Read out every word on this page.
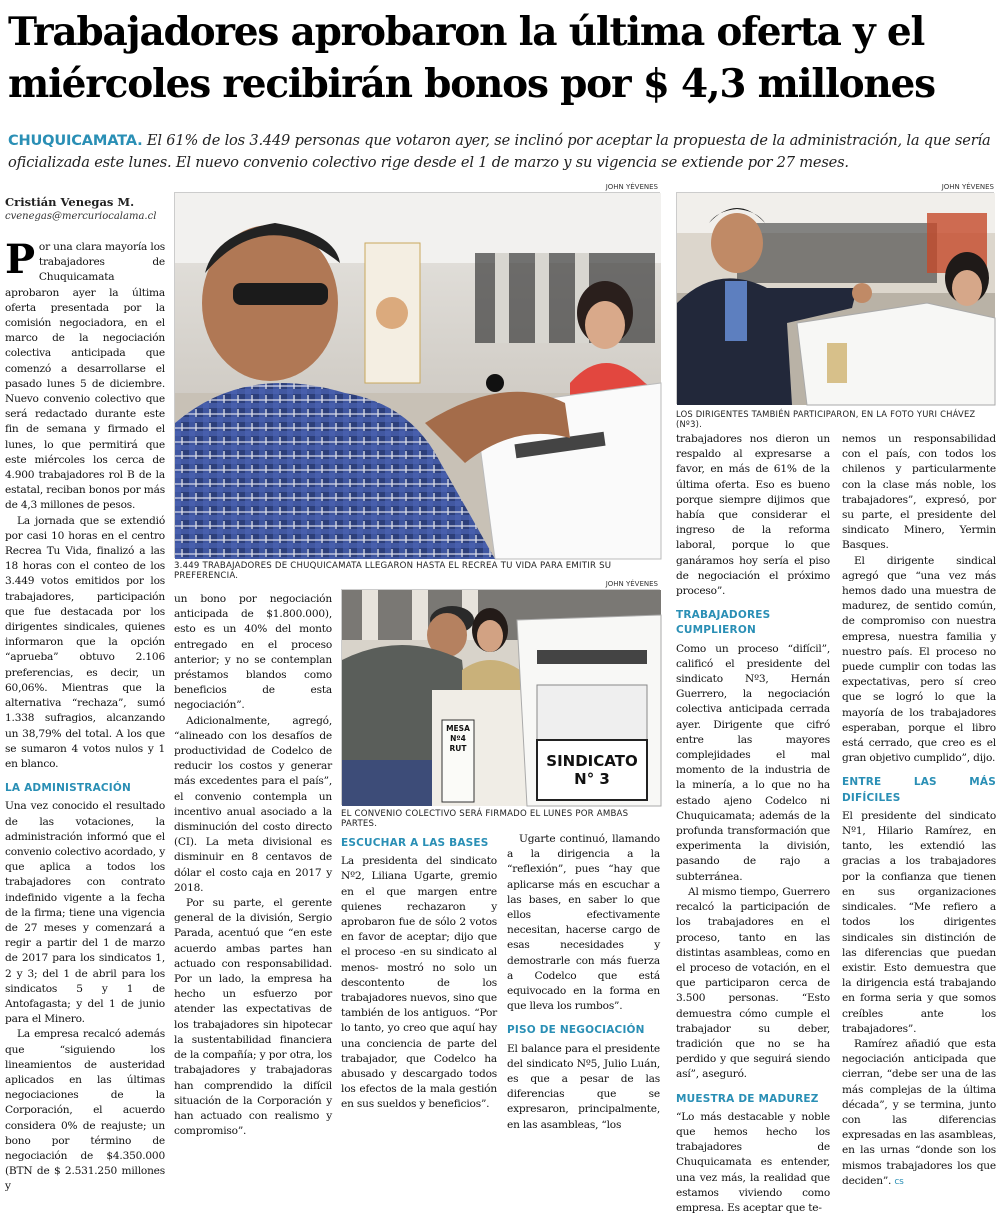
Trabajadores aprobaron la última oferta y el miércoles recibirán bonos por $ 4,3 millones
CHUQUICAMATA. El 61% de los 3.449 personas que votaron ayer, se inclinó por aceptar la propuesta de la administración, la que sería oficializada este lunes. El nuevo convenio colectivo rige desde el 1 de marzo y su vigencia se extiende por 27 meses.
Cristián Venegas M.
cvenegas@mercuriocalama.cl
JOHN YÉVENES
3.449 TRABAJADORES DE CHUQUICAMATA LLEGARON HASTA EL RECREA TU VIDA PARA EMITIR SU PREFERENCIA.
JOHN YÉVENES
LOS DIRIGENTES TAMBIÉN PARTICIPARON, EN LA FOTO YURI CHÁVEZ (Nº3).
JOHN YÉVENES
MESA Nº4
RUT
SINDICATO
N° 3
EL CONVENIO COLECTIVO SERÁ FIRMADO EL LUNES POR AMBAS PARTES.

Por una clara mayoría los trabajadores de Chuquicamata aprobaron ayer la última oferta presentada por la comisión negociadora, en el marco de la negociación colectiva anticipada que comenzó a desarrollarse el pasado lunes 5 de diciembre. Nuevo convenio colectivo que será redactado durante este fin de semana y firmado el lunes, lo que permitirá que este miércoles los cerca de 4.900 trabajadores rol B de la estatal, reciban bonos por más de 4,3 millones de pesos.

La jornada que se extendió por casi 10 horas en el centro Recrea Tu Vida, finalizó a las 18 horas con el conteo de los 3.449 votos emitidos por los trabajadores, participación que fue destacada por los dirigentes sindicales, quienes informaron que la opción “aprueba” obtuvo 2.106 preferencias, es decir, un 60,06%. Mientras que la alternativa “rechaza”, sumó 1.338 sufragios, alcanzando un 38,79% del total. A los que se sumaron 4 votos nulos y 1 en blanco.

LA ADMINISTRACIÓN

Una vez conocido el resultado de las votaciones, la administración informó que el convenio colectivo acordado, y que aplica a todos los trabajadores con contrato indefinido vigente a la fecha de la firma; tiene una vigencia de 27 meses y comenzará a regir a partir del 1 de marzo de 2017 para los sindicatos 1, 2 y 3; del 1 de abril para los sindicatos 5 y 1 de Antofagasta; y del 1 de junio para el Minero.

La empresa recalcó además que “siguiendo los lineamientos de austeridad aplicados en las últimas negociaciones de la Corporación, el acuerdo considera 0% de reajuste; un bono por término de negociación de $4.350.000 (BTN de $ 2.531.250 millones y

un bono por negociación anticipada de $1.800.000), esto es un 40% del monto entregado en el proceso anterior; y no se contemplan préstamos blandos como beneficios de esta negociación”.

Adicionalmente, agregó, “alineado con los desafíos de productividad de Codelco de reducir los costos y generar más excedentes para el país”, el convenio contempla un incentivo anual asociado a la disminución del costo directo (CI). La meta divisional es disminuir en 8 centavos de dólar el costo caja en 2017 y 2018.

Por su parte, el gerente general de la división, Sergio Parada, acentuó que “en este acuerdo ambas partes han actuado con responsabilidad. Por un lado, la empresa ha hecho un esfuerzo por atender las expectativas de los trabajadores sin hipotecar la sustentabilidad financiera de la compañía; y por otra, los trabajadores y trabajadoras han comprendido la difícil situación de la Corporación y han actuado con realismo y compromiso”.

ESCUCHAR A LAS BASES

La presidenta del sindicato Nº2, Liliana Ugarte, gremio en el que margen entre quienes rechazaron y aprobaron fue de sólo 2 votos en favor de aceptar; dijo que el proceso -en su sindicato al menos- mostró no solo un descontento de los trabajadores nuevos, sino que también de los antiguos. “Por lo tanto, yo creo que aquí hay una conciencia de parte del trabajador, que Codelco ha abusado y descargado todos los efectos de la mala gestión en sus sueldos y beneficios”.

Ugarte continuó, llamando a la dirigencia a la “reflexión”, pues “hay que aplicarse más en escuchar a las bases, en saber lo que ellos efectivamente necesitan, hacerse cargo de esas necesidades y demostrarle con más fuerza a Codelco que está equivocado en la forma en que lleva los rumbos”.

PISO DE NEGOCIACIÓN

El balance para el presidente del sindicato Nº5, Julio Luán, es que a pesar de las diferencias que se expresaron, principalmente, en las asambleas, “los

trabajadores nos dieron un respaldo al expresarse a favor, en más de 61% de la última oferta. Eso es bueno porque siempre dijimos que había que considerar el ingreso de la reforma laboral, porque lo que ganáramos hoy sería el piso de negociación el próximo proceso”.

TRABAJADORES CUMPLIERON

Como un proceso “difícil”, calificó el presidente del sindicato Nº3, Hernán Guerrero, la negociación colectiva anticipada cerrada ayer. Dirigente que cifró entre las mayores complejidades el mal momento de la industria de la minería, a lo que no ha estado ajeno Codelco ni Chuquicamata; además de la profunda transformación que experimenta la división, pasando de rajo a subterránea.

Al mismo tiempo, Guerrero recalcó la participación de los trabajadores en el proceso, tanto en las distintas asambleas, como en el proceso de votación, en el que participaron cerca de 3.500 personas. “Esto demuestra cómo cumple el trabajador su deber, tradición que no se ha perdido y que seguirá siendo así”, aseguró.

MUESTRA DE MADUREZ

“Lo más destacable y noble que hemos hecho los trabajadores de Chuquicamata es entender, una vez más, la realidad que estamos viviendo como empresa. Es aceptar que te-

nemos un responsabilidad con el país, con todos los chilenos y particularmente con la clase más noble, los trabajadores”, expresó, por su parte, el presidente del sindicato Minero, Yermin Basques.

El dirigente sindical agregó que “una vez más hemos dado una muestra de madurez, de sentido común, de compromiso con nuestra empresa, nuestra familia y nuestro país. El proceso no puede cumplir con todas las expectativas, pero sí creo que se logró lo que la mayoría de los trabajadores esperaban, porque el libro está cerrado, que creo es el gran objetivo cumplido”, dijo.

ENTRE LAS MÁS DIFÍCILES

El presidente del sindicato Nº1, Hilario Ramírez, en tanto, les extendió las gracias a los trabajadores por la confianza que tienen en sus organizaciones sindicales. “Me refiero a todos los dirigentes sindicales sin distinción de las diferencias que puedan existir. Esto demuestra que la dirigencia está trabajando en forma seria y que somos creíbles ante los trabajadores”.

Ramírez añadió que esta negociación anticipada que cierran, “debe ser una de las más complejas de la última década”, y se termina, junto con las diferencias expresadas en las asambleas, en las urnas “donde son los mismos trabajadores los que deciden”. cs
